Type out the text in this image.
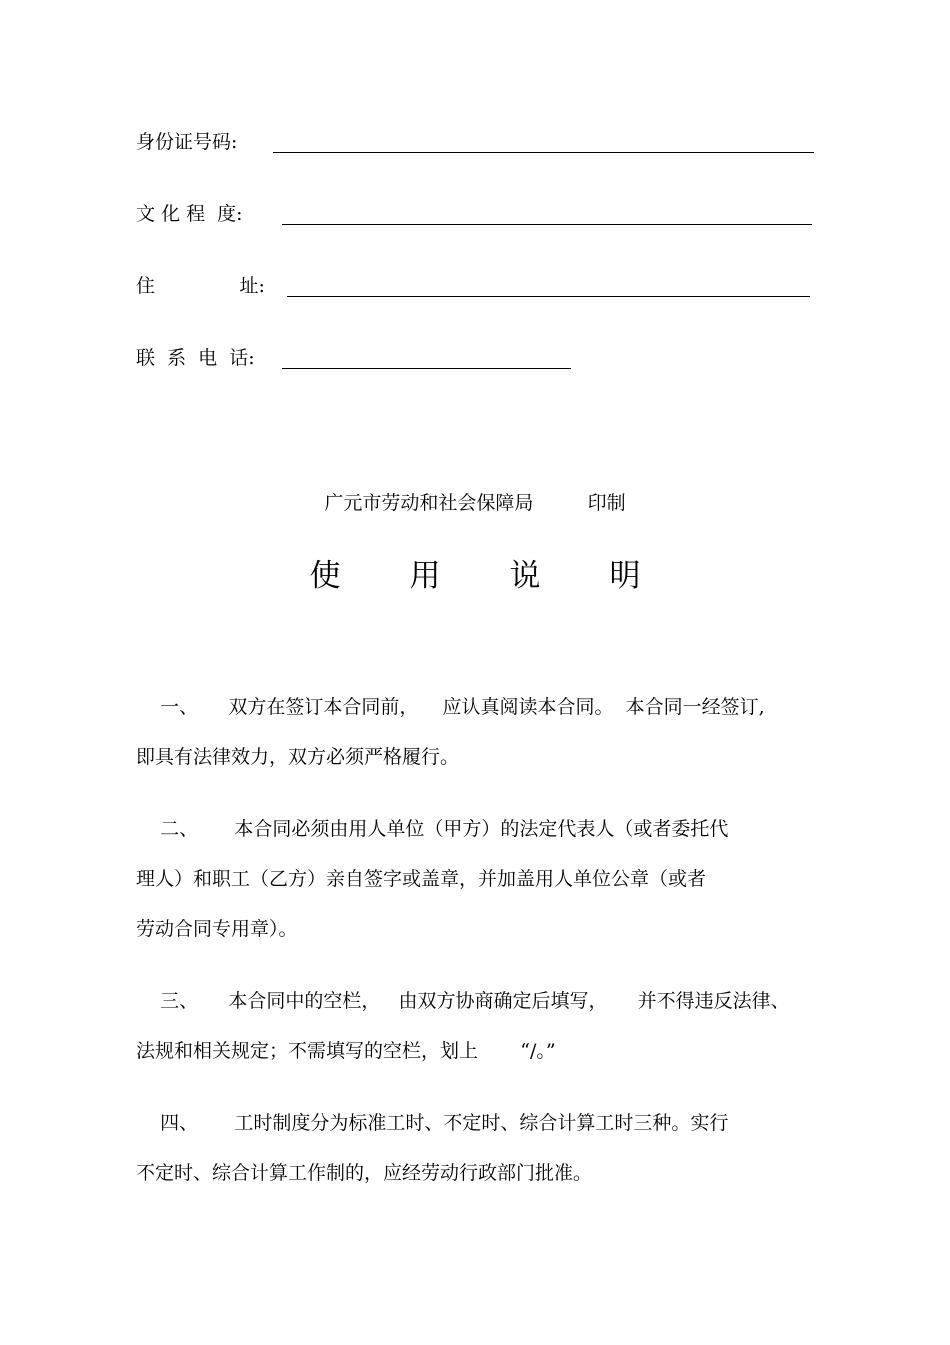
身份证号码:
文 化 程  度:
住              址:
联  系  电  话:
广元市劳动和社会保障局         印制
使       用       说       明
一、     双方在签订本合同前，    应认真阅读本合同。  本合同一经签订,
即具有法律效力，双方必须严格履行。
二、      本合同必须由用人单位（甲方）的法定代表人（或者委托代
理人）和职工（乙方）亲自签字或盖章，并加盖用人单位公章（或者
劳动合同专用章）。
三、     本合同中的空栏，   由双方协商确定后填写，     并不得违反法律、
法规和相关规定；不需填写的空栏，划上       “/。”
四、      工时制度分为标准工时、不定时、综合计算工时三种。实行
不定时、综合计算工作制的，应经劳动行政部门批准。
